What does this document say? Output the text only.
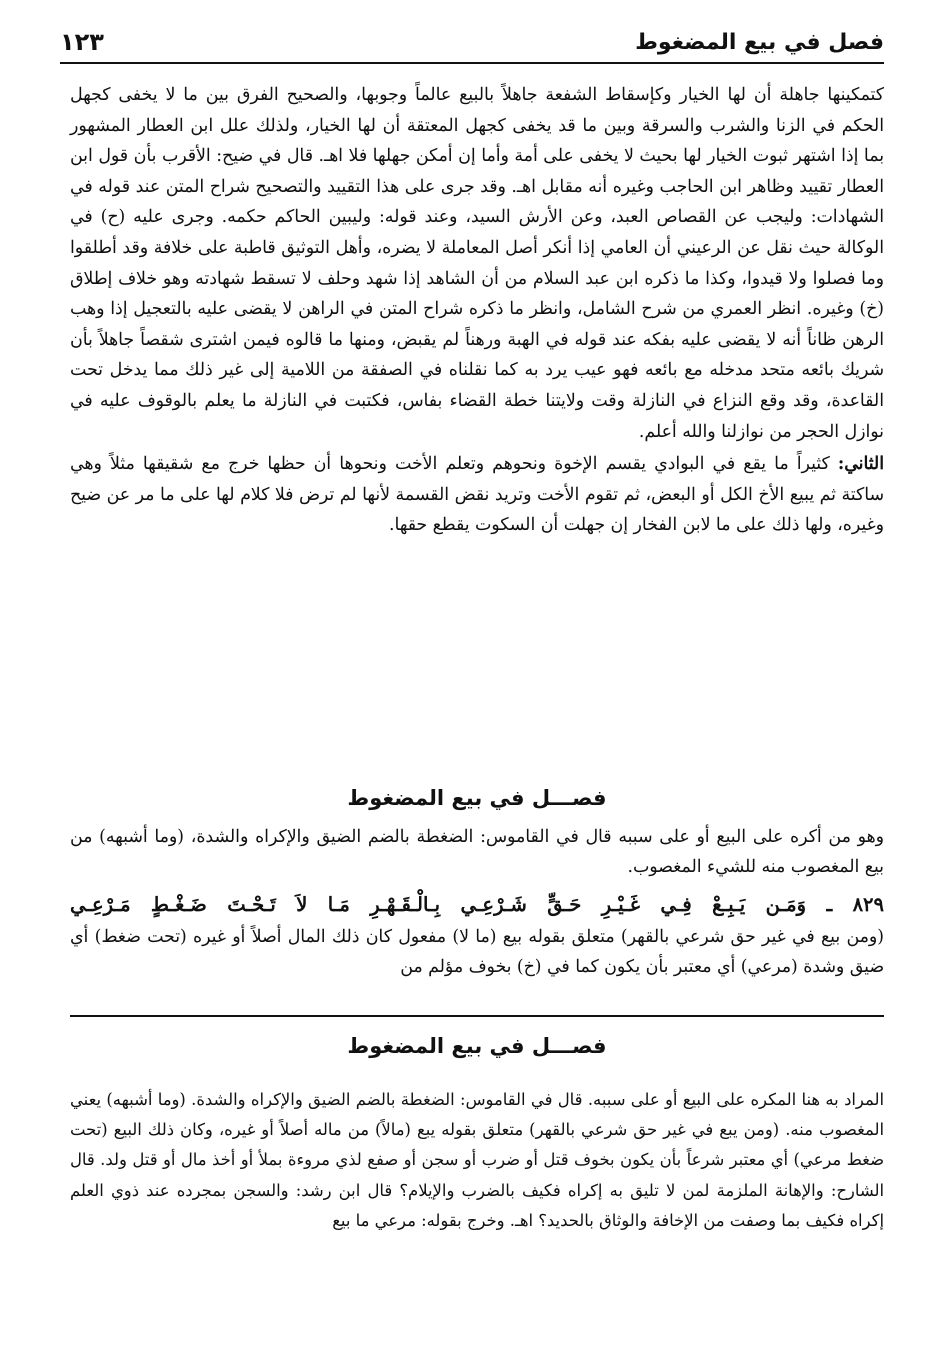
فصل في بيع المضغوط
١٢٣

كتمكينها جاهلة أن لها الخيار وكإسقاط الشفعة جاهلاً بالبيع عالماً وجوبها، والصحيح الفرق بين ما لا يخفى كجهل الحكم في الزنا والشرب والسرقة وبين ما قد يخفى كجهل المعتقة أن لها الخيار، ولذلك علل ابن العطار المشهور بما إذا اشتهر ثبوت الخيار لها بحيث لا يخفى على أمة وأما إن أمكن جهلها فلا اهـ. قال في ضيح: الأقرب بأن قول ابن العطار تقييد وظاهر ابن الحاجب وغيره أنه مقابل اهـ. وقد جرى على هذا التقييد والتصحيح شراح المتن عند قوله في الشهادات: وليجب عن القصاص العبد، وعن الأرش السيد، وعند قوله: وليبين الحاكم حكمه. وجرى عليه (ح) في الوكالة حيث نقل عن الرعيني أن العامي إذا أنكر أصل المعاملة لا يضره، وأهل التوثيق قاطبة على خلافة وقد أطلقوا وما فصلوا ولا قيدوا، وكذا ما ذكره ابن عبد السلام من أن الشاهد إذا شهد وحلف لا تسقط شهادته وهو خلاف إطلاق (خ) وغيره. انظر العمري من شرح الشامل، وانظر ما ذكره شراح المتن في الراهن لا يقضى عليه بالتعجيل إذا وهب الرهن ظاناً أنه لا يقضى عليه بفكه عند قوله في الهبة ورهناً لم يقبض، ومنها ما قالوه فيمن اشترى شقصاً جاهلاً بأن شريك بائعه متحد مدخله مع بائعه فهو عيب يرد به كما نقلناه في الصفقة من اللامية إلى غير ذلك مما يدخل تحت القاعدة، وقد وقع النزاع في النازلة وقت ولايتنا خطة القضاء بفاس، فكتبت في النازلة ما يعلم بالوقوف عليه في نوازل الحجر من نوازلنا والله أعلم.

الثاني: كثيراً ما يقع في البوادي يقسم الإخوة ونحوهم وتعلم الأخت ونحوها أن حظها خرج مع شقيقها مثلاً وهي ساكتة ثم يبيع الأخ الكل أو البعض، ثم تقوم الأخت وتريد نقض القسمة لأنها لم ترض فلا كلام لها على ما مر عن ضيح وغيره، ولها ذلك على ما لابن الفخار إن جهلت أن السكوت يقطع حقها.

فصـــل في بيع المضغوط

وهو من أكره على البيع أو على سببه قال في القاموس: الضغطة بالضم الضيق والإكراه والشدة، (وما أشبهه) من بيع المغصوب منه للشيء المغصوب.

٨٢٩ ـ وَمَـن يَـبِـعْ فِـي غَـيْـرِ حَـقٍّ شَـرْعِـي بِـالْـقَـهْـرِ مَـا لاَ تَـحْـتَ ضَـغْـطٍ مَـرْعِـي

(ومن بيع في غير حق شرعي بالقهر) متعلق بقوله بيع (ما لا) مفعول كان ذلك المال أصلاً أو غيره (تحت ضغط) أي ضيق وشدة (مرعي) أي معتبر بأن يكون كما في (خ) بخوف مؤلم من

فصـــل في بيع المضغوط

المراد به هنا المكره على البيع أو على سببه. قال في القاموس: الضغطة بالضم الضيق والإكراه والشدة. (وما أشبهه) يعني المغصوب منه. (ومن يبع في غير حق شرعي بالقهر) متعلق بقوله يبع (مالاً) من ماله أصلاً أو غيره، وكان ذلك البيع (تحت ضغط مرعي) أي معتبر شرعاً بأن يكون بخوف قتل أو ضرب أو سجن أو صفع لذي مروءة بملأ أو أخذ مال أو قتل ولد. قال الشارح: والإهانة الملزمة لمن لا تليق به إكراه فكيف بالضرب والإيلام؟ قال ابن رشد: والسجن بمجرده عند ذوي العلم إكراه فكيف بما وصفت من الإخافة والوثاق بالحديد؟ اهـ. وخرج بقوله: مرعي ما بيع
